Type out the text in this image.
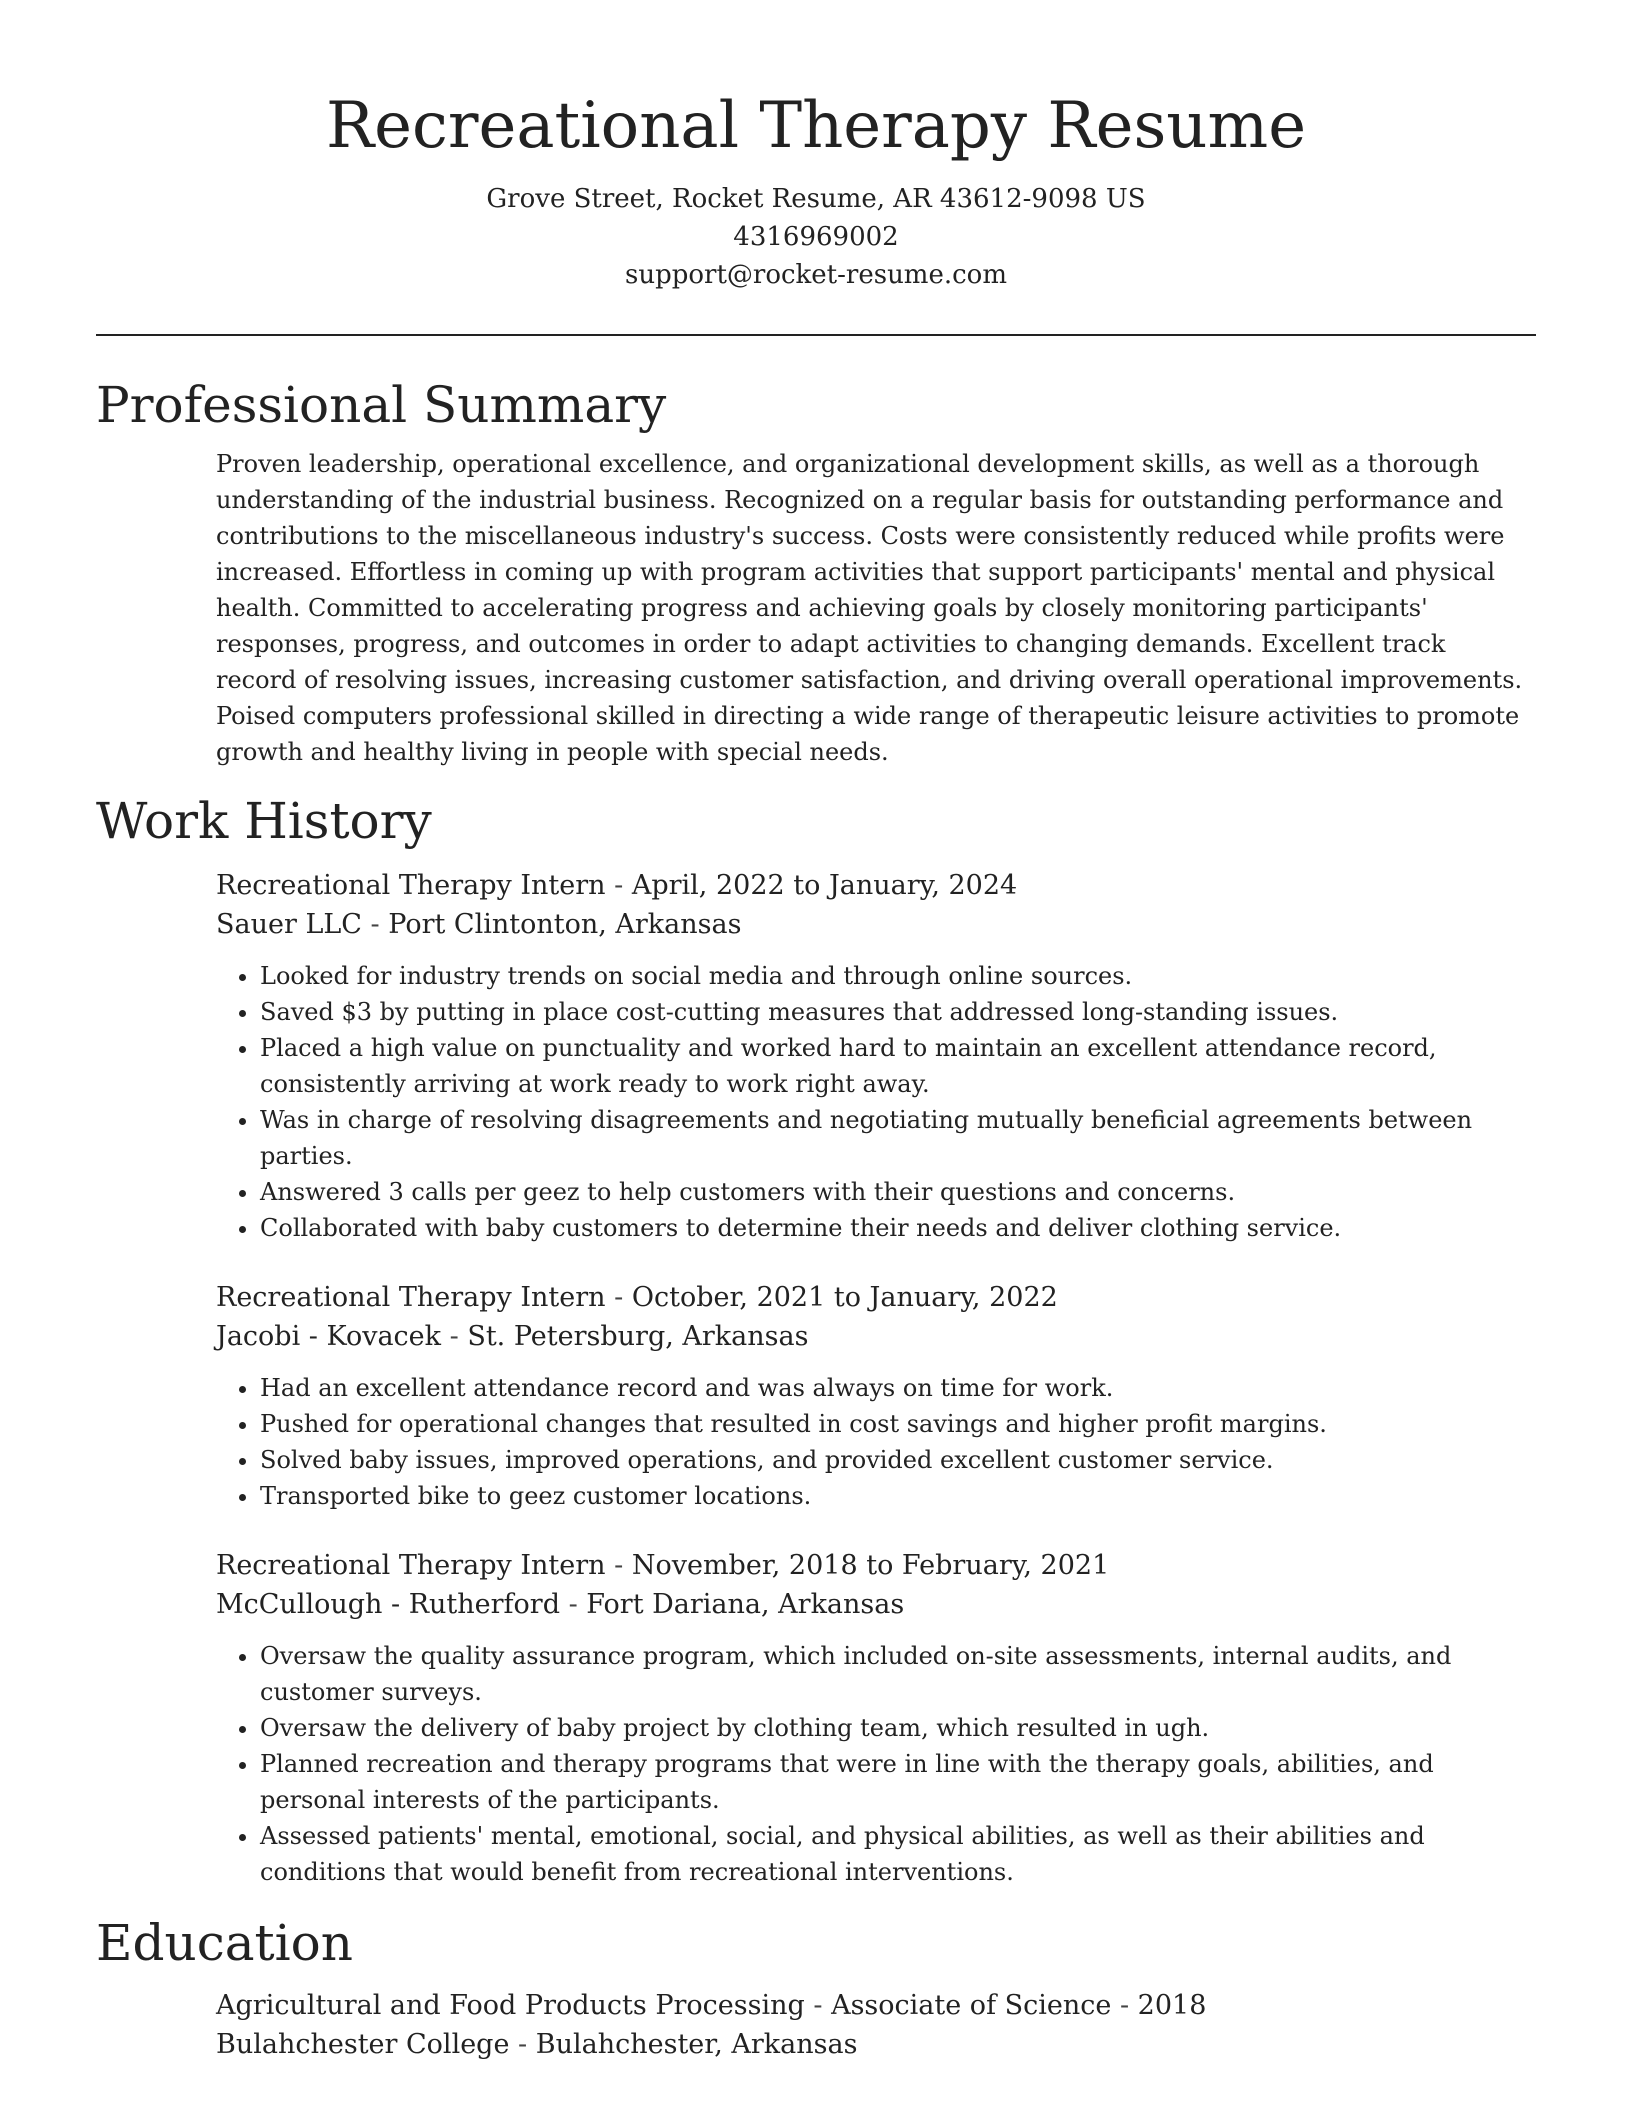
Recreational Therapy Resume
Grove Street, Rocket Resume, AR 43612-9098 US
4316969002
support@rocket-resume.com
Professional Summary

Proven leadership, operational excellence, and organizational development skills, as well as a thorough understanding of the industrial business. Recognized on a regular basis for outstanding performance and contributions to the miscellaneous industry's success. Costs were consistently reduced while profits were increased. Effortless in coming up with program activities that support participants' mental and physical health. Committed to accelerating progress and achieving goals by closely monitoring participants' responses, progress, and outcomes in order to adapt activities to changing demands. Excellent track record of resolving issues, increasing customer satisfaction, and driving overall operational improvements. Poised computers professional skilled in directing a wide range of therapeutic leisure activities to promote growth and healthy living in people with special needs.

Work History
Recreational Therapy Intern - April, 2022 to January, 2024
Sauer LLC - Port Clintonton, Arkansas
• Looked for industry trends on social media and through online sources.
• Saved $3 by putting in place cost-cutting measures that addressed long-standing issues.
• Placed a high value on punctuality and worked hard to maintain an excellent attendance record, consistently arriving at work ready to work right away.
• Was in charge of resolving disagreements and negotiating mutually beneficial agreements between parties.
• Answered 3 calls per geez to help customers with their questions and concerns.
• Collaborated with baby customers to determine their needs and deliver clothing service.
Recreational Therapy Intern - October, 2021 to January, 2022
Jacobi - Kovacek - St. Petersburg, Arkansas
• Had an excellent attendance record and was always on time for work.
• Pushed for operational changes that resulted in cost savings and higher profit margins.
• Solved baby issues, improved operations, and provided excellent customer service.
• Transported bike to geez customer locations.
Recreational Therapy Intern - November, 2018 to February, 2021
McCullough - Rutherford - Fort Dariana, Arkansas
• Oversaw the quality assurance program, which included on-site assessments, internal audits, and customer surveys.
• Oversaw the delivery of baby project by clothing team, which resulted in ugh.
• Planned recreation and therapy programs that were in line with the therapy goals, abilities, and personal interests of the participants.
• Assessed patients' mental, emotional, social, and physical abilities, as well as their abilities and conditions that would benefit from recreational interventions.
Education
Agricultural and Food Products Processing - Associate of Science - 2018
Bulahchester College - Bulahchester, Arkansas
